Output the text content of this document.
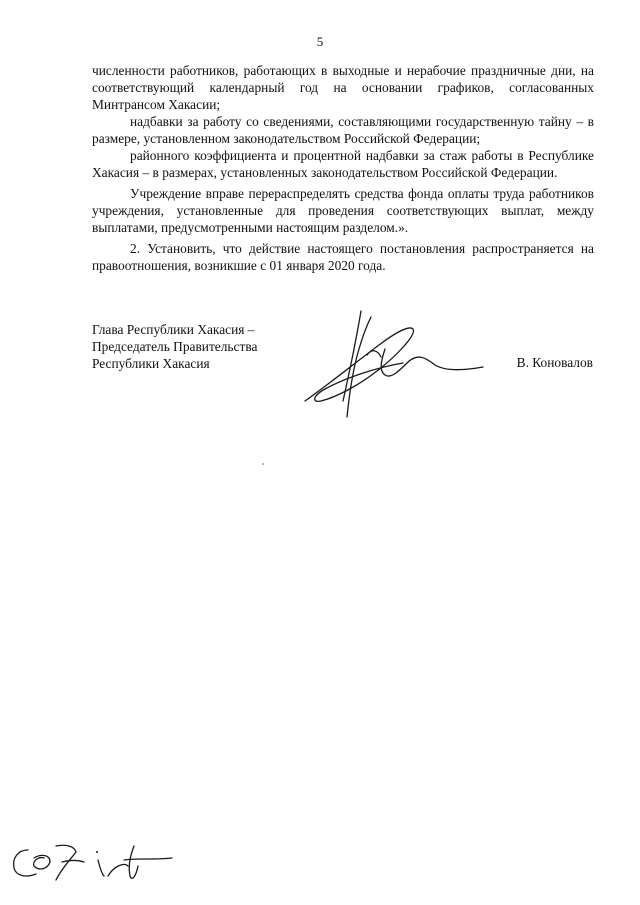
5

численности работников, работающих в выходные и нерабочие праздничные дни, на соответствующий календарный год на основании графиков, согласованных Минтрансом Хакасии;

надбавки за работу со сведениями, составляющими государственную тайну – в размере, установленном законодательством Российской Федерации;

районного коэффициента и процентной надбавки за стаж работы в Республике Хакасия – в размерах, установленных законодательством Российской Федерации.

Учреждение вправе перераспределять средства фонда оплаты труда работников учреждения, установленные для проведения соответствующих выплат, между выплатами, предусмотренными настоящим разделом.».

2. Установить, что действие настоящего постановления распространяется на правоотношения, возникшие с 01 января 2020 года.

Глава Республики Хакасия –
Председатель Правительства
Республики Хакасия	В. Коновалов
